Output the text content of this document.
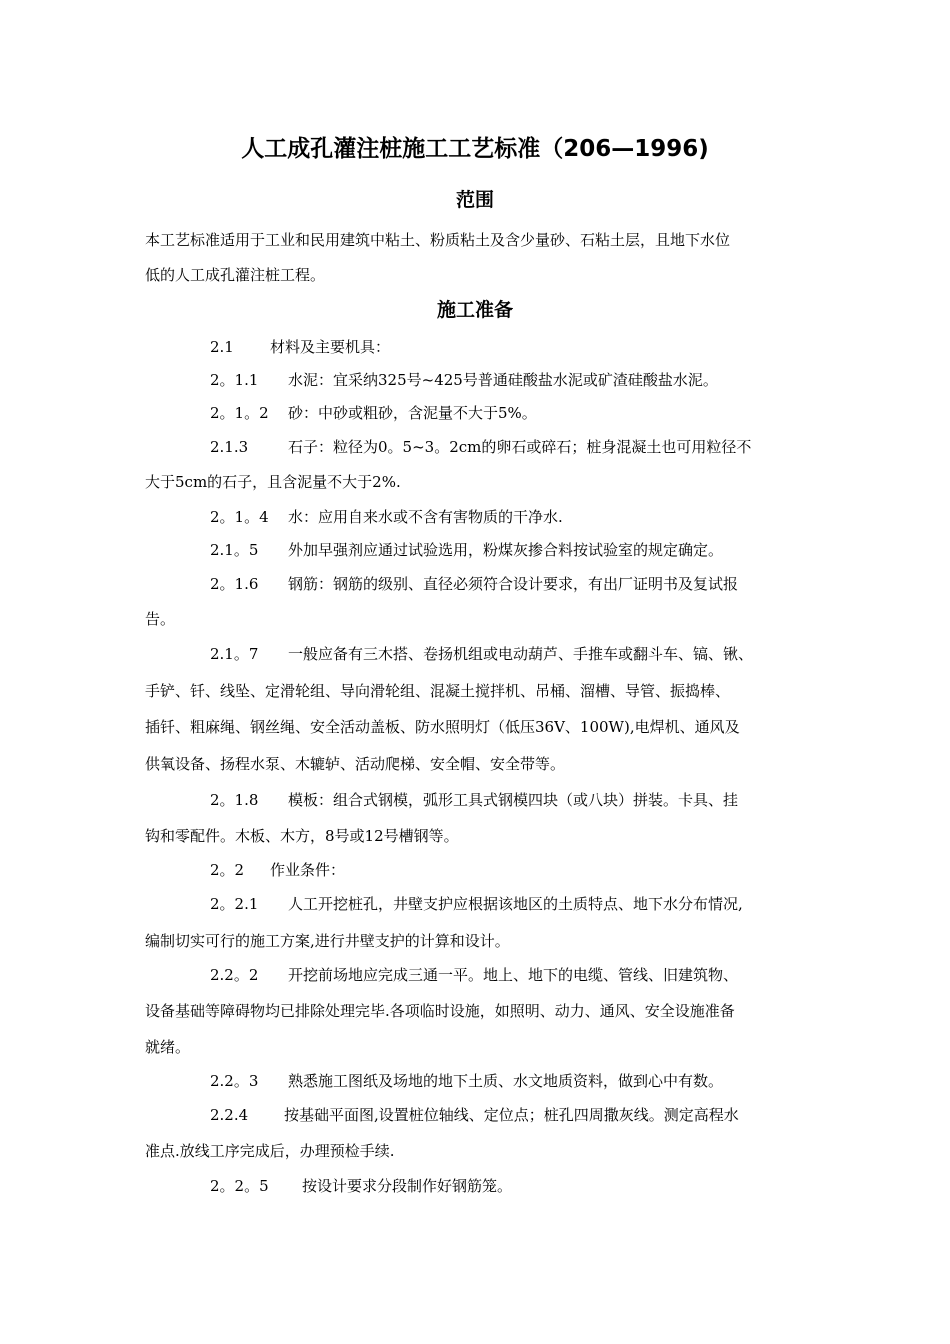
人工成孔灌注桩施工工艺标准（206—1996)
范围
本工艺标准适用于工业和民用建筑中粘土、粉质粘土及含少量砂、石粘土层，且地下水位
低的人工成孔灌注桩工程。
施工准备
2.1 材料及主要机具：
2。1.1 水泥：宜采纳325号~425号普通硅酸盐水泥或矿渣硅酸盐水泥。
2。1。2 砂：中砂或粗砂，含泥量不大于5%。
2.1.3	石子：粒径为0。5~3。2cm的卵石或碎石；桩身混凝土也可用粒径不
大于5cm的石子，且含泥量不大于2%.
2。1。4 水：应用自来水或不含有害物质的干净水.
2.1。5 外加早强剂应通过试验选用，粉煤灰掺合料按试验室的规定确定。
2。1.6 钢筋：钢筋的级别、直径必须符合设计要求，有出厂证明书及复试报
告。
2.1。7 一般应备有三木搭、卷扬机组或电动葫芦、手推车或翻斗车、镐、锹、
手铲、钎、线坠、定滑轮组、导向滑轮组、混凝土搅拌机、吊桶、溜槽、导管、振捣棒、
插钎、粗麻绳、钢丝绳、安全活动盖板、防水照明灯（低压36V、100W),电焊机、通风及
供氧设备、扬程水泵、木辘轳、活动爬梯、安全帽、安全带等。
2。1.8 模板：组合式钢模，弧形工具式钢模四块（或八块）拼装。卡具、挂
钩和零配件。木板、木方，8号或12号槽钢等。
2。2 作业条件：
2。2.1 人工开挖桩孔，井壁支护应根据该地区的土质特点、地下水分布情况,
编制切实可行的施工方案,进行井壁支护的计算和设计。
2.2。2 开挖前场地应完成三通一平。地上、地下的电缆、管线、旧建筑物、
设备基础等障碍物均已排除处理完毕.各项临时设施，如照明、动力、通风、安全设施准备
就绪。
2.2。3 熟悉施工图纸及场地的地下土质、水文地质资料，做到心中有数。
2.2.4 按基础平面图,设置桩位轴线、定位点；桩孔四周撒灰线。测定高程水
准点.放线工序完成后，办理预检手续.
2。2。5 按设计要求分段制作好钢筋笼。
